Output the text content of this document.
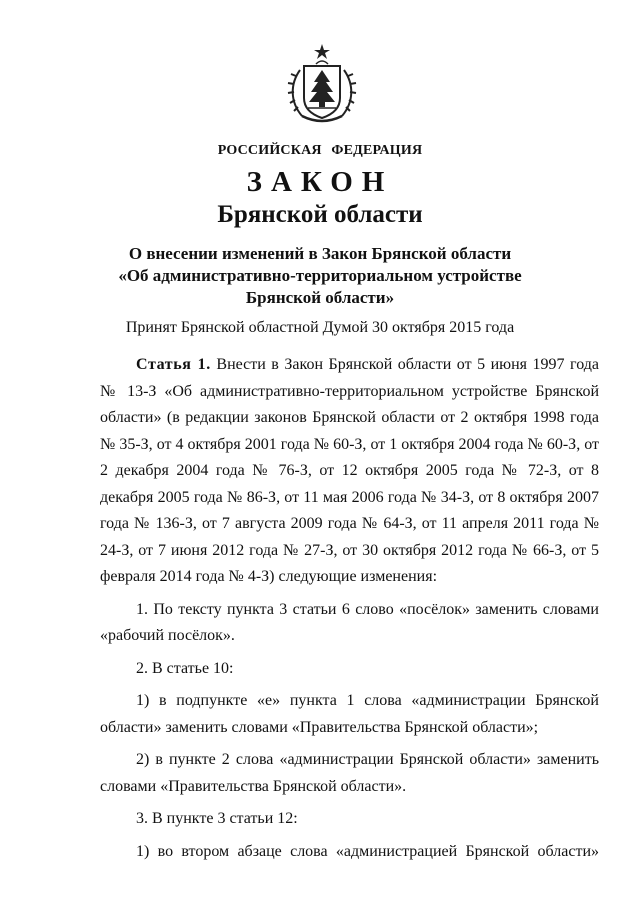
РОССИЙСКАЯ ФЕДЕРАЦИЯ
ЗАКОН
Брянской области
О внесении изменений в Закон Брянской области
«Об административно-территориальном устройстве
Брянской области»
Принят Брянской областной Думой 30 октября 2015 года

Статья 1. Внести в Закон Брянской области от 5 июня 1997 года № 13-З «Об административно-территориальном устройстве Брянской области» (в редакции законов Брянской области от 2 октября 1998 года № 35-З, от 4 октября 2001 года № 60-З, от 1 октября 2004 года № 60-З, от 2 декабря 2004 года № 76-З, от 12 октября 2005 года № 72-З, от 8 декабря 2005 года № 86-З, от 11 мая 2006 года № 34-З, от 8 октября 2007 года № 136-З, от 7 августа 2009 года № 64-З, от 11 апреля 2011 года № 24-З, от 7 июня 2012 года № 27-З, от 30 октября 2012 года № 66-З, от 5 февраля 2014 года № 4-З) следующие изменения:

1. По тексту пункта 3 статьи 6 слово «посёлок» заменить словами «рабочий посёлок».

2. В статье 10:

1) в подпункте «е» пункта 1 слова «администрации Брянской области» заменить словами «Правительства Брянской области»;

2) в пункте 2 слова «администрации Брянской области» заменить словами «Правительства Брянской области».

3. В пункте 3 статьи 12:

1) во втором абзаце слова «администрацией Брянской области»
